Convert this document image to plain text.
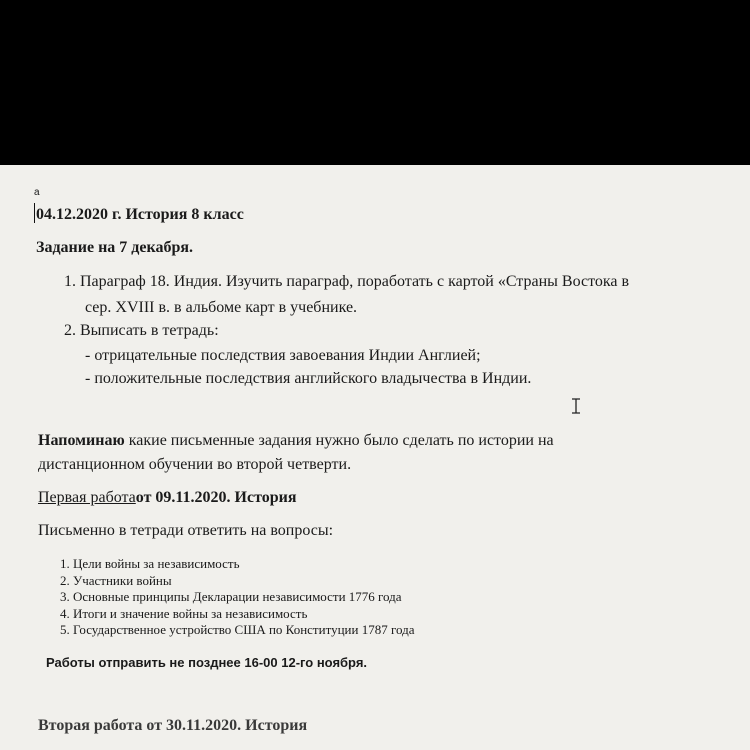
а
04.12.2020 г. История 8 класс
Задание на 7 декабря.
1. Параграф 18. Индия. Изучить параграф, поработать с картой «Страны Востока в
сер. XVIII в. в альбоме карт в учебнике.
2. Выписать в тетрадь:
- отрицательные последствия завоевания Индии Англией;
- положительные последствия английского владычества в Индии.
Напоминаю какие письменные задания нужно было сделать по истории на
дистанционном обучении во второй четверти.
Первая работаот 09.11.2020. История
Письменно в тетради ответить на вопросы:
1. Цели войны за независимость
2. Участники войны
3. Основные принципы Декларации независимости 1776 года
4. Итоги и значение войны за независимость
5. Государственное устройство США по Конституции 1787 года
Работы отправить не позднее 16-00 12-го ноября.
Вторая работа от 30.11.2020. История
